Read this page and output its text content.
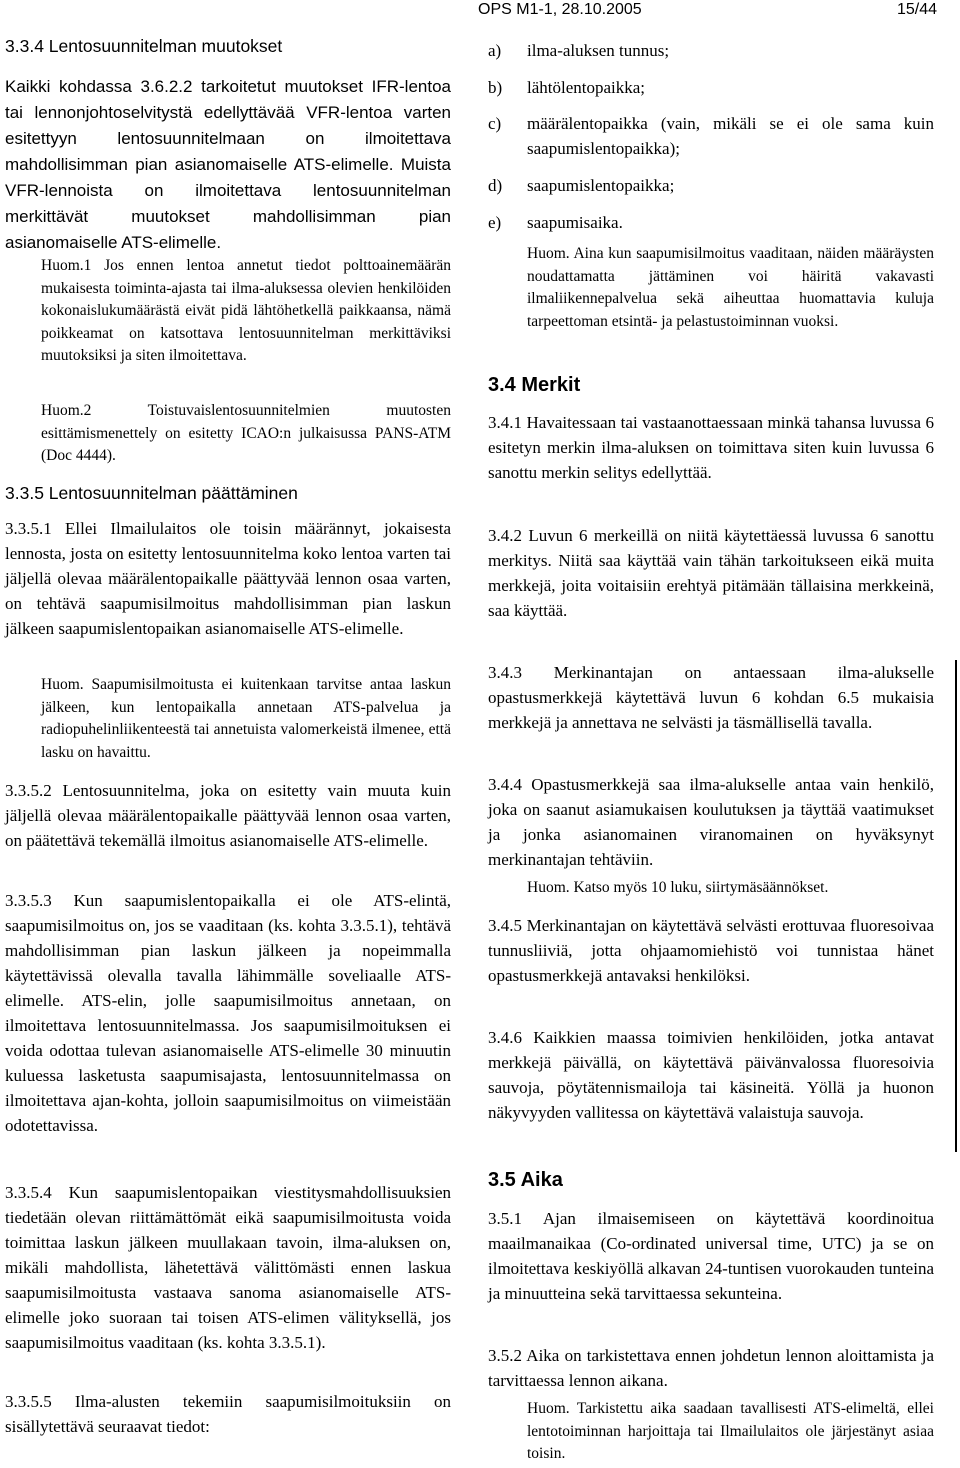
OPS M1-1, 28.10.2005	15/44
3.3.4 Lentosuunnitelman muutokset
Kaikki kohdassa 3.6.2.2 tarkoitetut muutokset IFR-lentoa tai lennonjohtoselvitystä edellyttävää VFR-lentoa varten esitettyyn lentosuunnitelmaan on ilmoitettava mahdollisimman pian asianomaiselle ATS-elimelle. Muista VFR-lennoista on ilmoitettava lentosuunnitelman merkittävät muutokset mahdollisimman pian asianomaiselle ATS-elimelle.
Huom.1 Jos ennen lentoa annetut tiedot polttoainemäärän mukaisesta toiminta-ajasta tai ilma-aluksessa olevien henkilöiden kokonaislukumäärästä eivät pidä lähtöhetkellä paikkaansa, nämä poikkeamat on katsottava lentosuunnitelman merkittäviksi muutoksiksi ja siten ilmoitettava.
Huom.2 Toistuvaislentosuunnitelmien muutosten esittämismenettely on esitetty ICAO:n julkaisussa PANS-ATM (Doc 4444).
3.3.5 Lentosuunnitelman päättäminen
3.3.5.1 Ellei Ilmailulaitos ole toisin määrännyt, jokaisesta lennosta, josta on esitetty lentosuunnitelma koko lentoa varten tai jäljellä olevaa määrälentopaikalle päättyvää lennon osaa varten, on tehtävä saapumisilmoitus mahdollisimman pian laskun jälkeen saapumislentopaikan asianomaiselle ATS-elimelle.
Huom. Saapumisilmoitusta ei kuitenkaan tarvitse antaa laskun jälkeen, kun lentopaikalla annetaan ATS-palvelua ja radiopuhelinliikenteestä tai annetuista valomerkeistä ilmenee, että lasku on havaittu.
3.3.5.2 Lentosuunnitelma, joka on esitetty vain muuta kuin jäljellä olevaa määrälentopaikalle päättyvää lennon osaa varten, on päätettävä tekemällä ilmoitus asianomaiselle ATS-elimelle.
3.3.5.3 Kun saapumislentopaikalla ei ole ATS-elintä, saapumisilmoitus on, jos se vaaditaan (ks. kohta 3.3.5.1), tehtävä mahdollisimman pian laskun jälkeen ja nopeimmalla käytettävissä olevalla tavalla lähimmälle soveliaalle ATS-elimelle. ATS-elin, jolle saapumisilmoitus annetaan, on ilmoitettava lentosuunnitelmassa. Jos saapumisilmoituksen ei voida odottaa tulevan asianomaiselle ATS-elimelle 30 minuutin kuluessa lasketusta saapumisajasta, lentosuunnitelmassa on ilmoitettava ajan-kohta, jolloin saapumisilmoitus on viimeistään odotettavissa.
3.3.5.4 Kun saapumislentopaikan viestitysmahdollisuuksien tiedetään olevan riittämättömät eikä saapumisilmoitusta voida toimittaa laskun jälkeen muullakaan tavoin, ilma-aluksen on, mikäli mahdollista, lähetettävä välittömästi ennen laskua saapumisilmoitusta vastaava sanoma asianomaiselle ATS-elimelle joko suoraan tai toisen ATS-elimen välityksellä, jos saapumisilmoitus vaaditaan (ks. kohta 3.3.5.1).
3.3.5.5 Ilma-alusten tekemiin saapumisilmoituksiin on sisällytettävä seuraavat tiedot:
a) ilma-aluksen tunnus;
b) lähtölentopaikka;
c) määrälentopaikka (vain, mikäli se ei ole sama kuin saapumislentopaikka);
d) saapumislentopaikka;
e) saapumisaika.
Huom. Aina kun saapumisilmoitus vaaditaan, näiden määräysten noudattamatta jättäminen voi häiritä vakavasti ilmaliikennepalvelua sekä aiheuttaa huomattavia kuluja tarpeettoman etsintä- ja pelastustoiminnan vuoksi.
3.4 Merkit
3.4.1 Havaitessaan tai vastaanottaessaan minkä tahansa luvussa 6 esitetyn merkin ilma-aluksen on toimittava siten kuin luvussa 6 sanottu merkin selitys edellyttää.
3.4.2 Luvun 6 merkeillä on niitä käytettäessä luvussa 6 sanottu merkitys. Niitä saa käyttää vain tähän tarkoitukseen eikä muita merkkejä, joita voitaisiin erehtyä pitämään tällaisina merkkeinä, saa käyttää.
3.4.3 Merkinantajan on antaessaan ilma-alukselle opastusmerkkejä käytettävä luvun 6 kohdan 6.5 mukaisia merkkejä ja annettava ne selvästi ja täsmällisellä tavalla.
3.4.4 Opastusmerkkejä saa ilma-alukselle antaa vain henkilö, joka on saanut asiamukaisen koulutuksen ja täyttää vaatimukset ja jonka asianomainen viranomainen on hyväksynyt merkinantajan tehtäviin.
Huom. Katso myös 10 luku, siirtymäsäännökset.
3.4.5 Merkinantajan on käytettävä selvästi erottuvaa fluoresoivaa tunnusliiviä, jotta ohjaamomiehistö voi tunnistaa hänet opastusmerkkejä antavaksi henkilöksi.
3.4.6 Kaikkien maassa toimivien henkilöiden, jotka antavat merkkejä päivällä, on käytettävä päivänvalossa fluoresoivia sauvoja, pöytätennismailoja tai käsineitä. Yöllä ja huonon näkyvyyden vallitessa on käytettävä valaistuja sauvoja.
3.5 Aika
3.5.1 Ajan ilmaisemiseen on käytettävä koordinoitua maailmanaikaa (Co-ordinated universal time, UTC) ja se on ilmoitettava keskiyöllä alkavan 24-tuntisen vuorokauden tunteina ja minuutteina sekä tarvittaessa sekunteina.
3.5.2 Aika on tarkistettava ennen johdetun lennon aloittamista ja tarvittaessa lennon aikana.
Huom. Tarkistettu aika saadaan tavallisesti ATS-elimeltä, ellei lentotoiminnan harjoittaja tai Ilmailulaitos ole järjestänyt asiaa toisin.
